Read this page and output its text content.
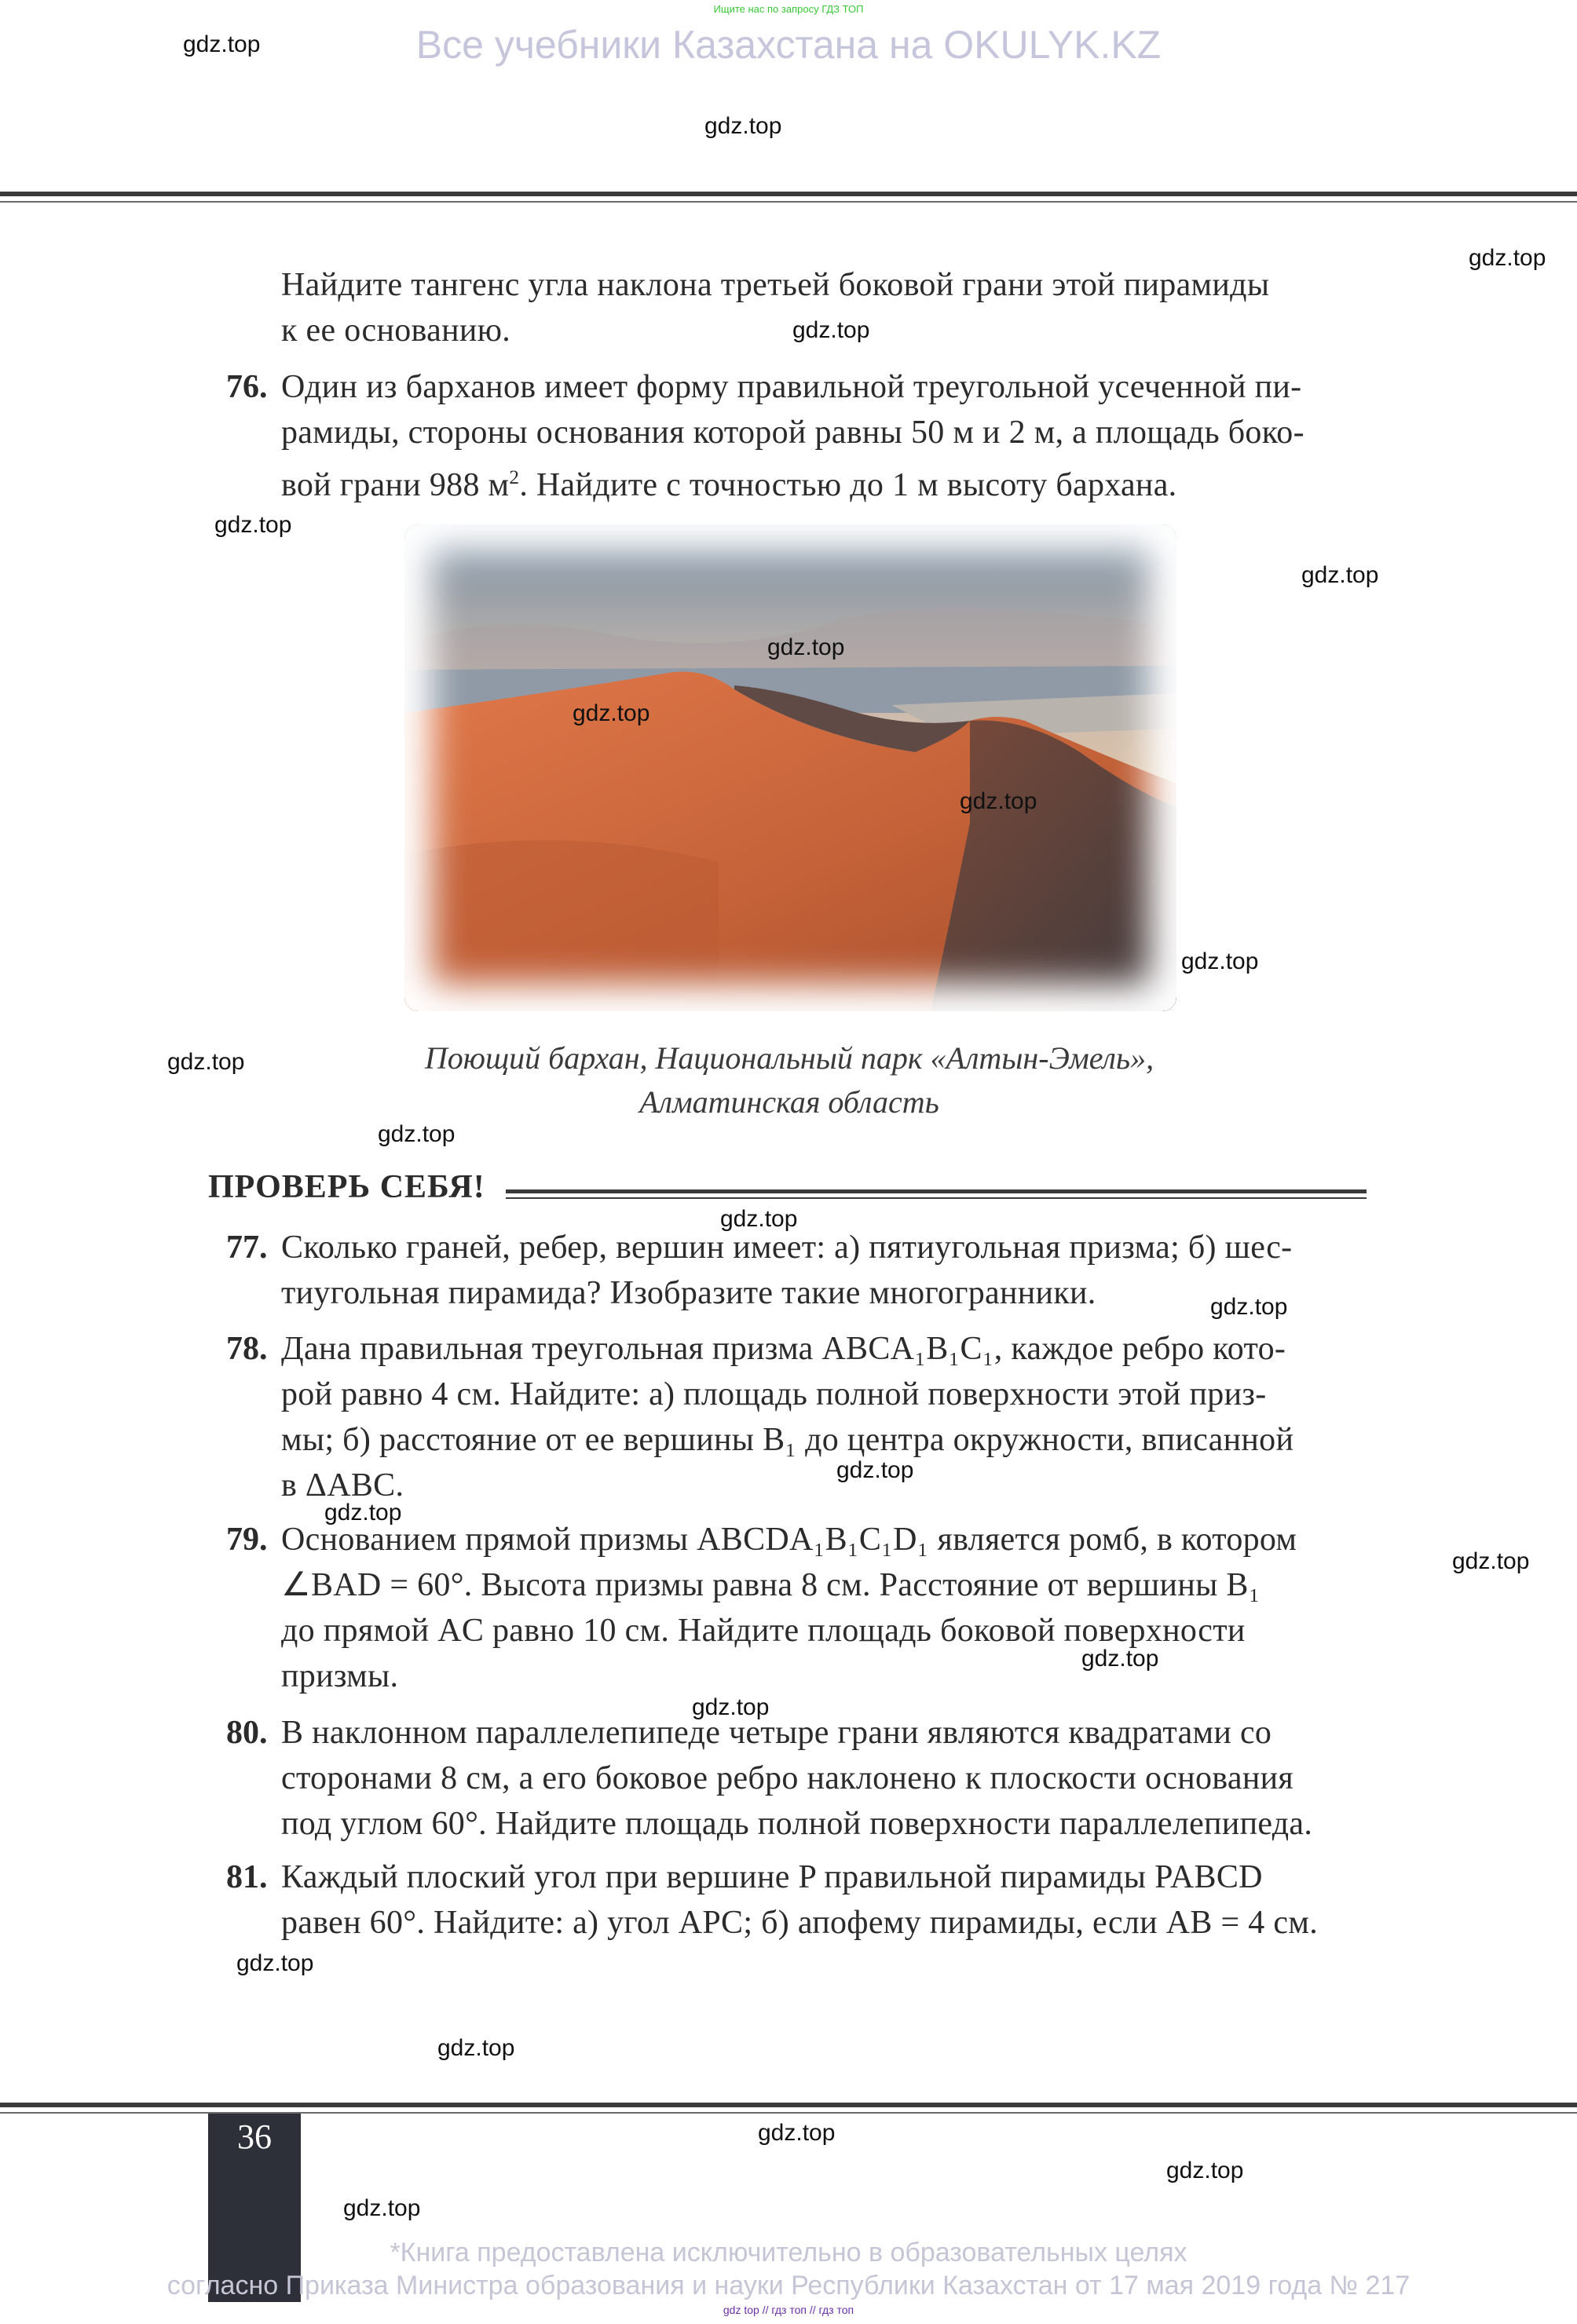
Ищите нас по запросу ГДЗ ТОП
Все учебники Казахстана на OKULYK.KZ
Найдите тангенс угла наклона третьей боковой грани этой пирамиды
к ее основанию.
76. Один из барханов имеет форму правильной треугольной усеченной пи-
рамиды, стороны основания которой равны 50 м и 2 м, а площадь боко-
вой грани 988 $м^2$. Найдите с точностью до 1 м высоту бархана.
Поющий бархан, Национальный парк «Алтын-Эмель»,
Алматинская область
ПРОВЕРЬ СЕБЯ!
77. Сколько граней, ребер, вершин имеет: а) пятиугольная призма; б) шес-
тиугольная пирамида? Изобразите такие многогранники.
78. Дана правильная треугольная призма ABCA₁B₁C₁, каждое ребро кото-
рой равно 4 см. Найдите: а) площадь полной поверхности этой приз-
мы; б) расстояние от ее вершины B₁ до центра окружности, вписанной
в ΔABC.
79. Основанием прямой призмы ABCDA₁B₁C₁D₁ является ромб, в котором
∠BAD = 60°. Высота призмы равна 8 см. Расстояние от вершины B₁
до прямой AC равно 10 см. Найдите площадь боковой поверхности
призмы.
80. В наклонном параллелепипеде четыре грани являются квадратами со
сторонами 8 см, а его боковое ребро наклонено к плоскости основания
под углом 60°. Найдите площадь полной поверхности параллелепипеда.
81. Каждый плоский угол при вершине P правильной пирамиды PABCD
равен 60°. Найдите: а) угол APC; б) апофему пирамиды, если AB = 4 см.
36
*Книга предоставлена исключительно в образовательных целях
согласно Приказа Министра образования и науки Республики Казахстан от 17 мая 2019 года № 217
gdz top // гдз топ // гдз топ
gdz.top
gdz.top
gdz.top
gdz.top
gdz.top
gdz.top
gdz.top
gdz.top
gdz.top
gdz.top
gdz.top
gdz.top
gdz.top
gdz.top
gdz.top
gdz.top
gdz.top
gdz.top
gdz.top
gdz.top
gdz.top
gdz.top
gdz.top
gdz.top
